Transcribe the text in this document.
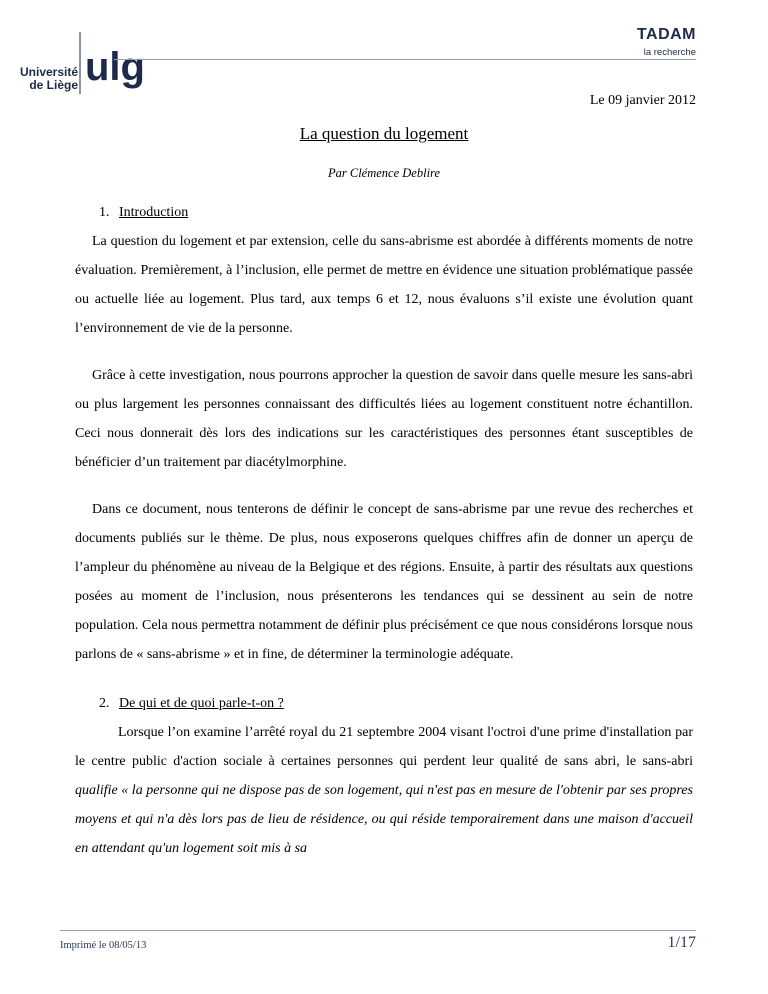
Université
de Liège ulg
TADAM
la recherche
Le 09 janvier 2012
La question du logement
Par Clémence Deblire
1. Introduction

La question du logement et par extension, celle du sans-abrisme est abordée à différents moments de notre évaluation. Premièrement, à l’inclusion, elle permet de mettre en évidence une situation problématique passée ou actuelle liée au logement. Plus tard, aux temps 6 et 12, nous évaluons s’il existe une évolution quant l’environnement de vie de la personne.

Grâce à cette investigation, nous pourrons approcher la question de savoir dans quelle mesure les sans-abri ou plus largement les personnes connaissant des difficultés liées au logement constituent notre échantillon. Ceci nous donnerait dès lors des indications sur les caractéristiques des personnes étant susceptibles de bénéficier d’un traitement par diacétylmorphine.

Dans ce document, nous tenterons de définir le concept de sans-abrisme par une revue des recherches et documents publiés sur le thème. De plus, nous exposerons quelques chiffres afin de donner un aperçu de l’ampleur du phénomène au niveau de la Belgique et des régions. Ensuite, à partir des résultats aux questions posées au moment de l’inclusion, nous présenterons les tendances qui se dessinent au sein de notre population. Cela nous permettra notamment de définir plus précisément ce que nous considérons lorsque nous parlons de « sans-abrisme » et in fine, de déterminer la terminologie adéquate.

2. De qui et de quoi parle-t-on ?

Lorsque l’on examine l’arrêté royal du 21 septembre 2004 visant l'octroi d'une prime d'installation par le centre public d'action sociale à certaines personnes qui perdent leur qualité de sans abri, le sans-abri qualifie « la personne qui ne dispose pas de son logement, qui n'est pas en mesure de l'obtenir par ses propres moyens et qui n'a dès lors pas de lieu de résidence, ou qui réside temporairement dans une maison d'accueil en attendant qu'un logement soit mis à sa

Imprimé le 08/05/13	1/17
